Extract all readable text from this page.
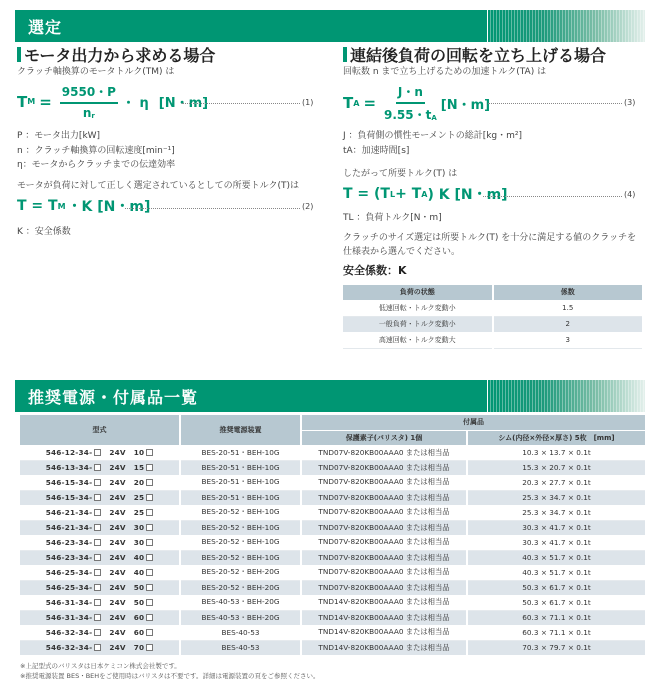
選定
モータ出力から求める場合
クラッチ軸換算のモータトルク(TM) は
T $M = \frac{9550・P}{n_r}$ ・ η [N・m]	(1)
P ：モータ出力[kW]
n ：クラッチ軸換算の回転速度[min⁻¹]
η：モータからクラッチまでの伝達効率
モータが負荷に対して正しく選定されているとしての所要トルク(T)は
T = T M ・K [N・m]	(2)
K ：安全係数
連結後負荷の回転を立ち上げる場合
回転数 n まで立ち上げるための加速トルク(TA) は
T $A = \frac{J・n}{9.55・t_A} [N$・m]	(3)
J ：負荷側の慣性モーメントの総計[kg・m²]
tA：加速時間[s]
したがって所要トルク(T) は
T = (T L + T A ) K [N・m]	(4)
TL ：負荷トルク[N・m]
クラッチのサイズ選定は所要トルク(T) を十分に満足する値のクラッチを
仕様表から選んでください。
安全係数：K
負荷の状態	係数
低速回転・トルク変動小	1.5
一般負荷・トルク変動小	2
高速回転・トルク変動大	3
推奨電源・付属品一覧
型式	推奨電源装置	付属品	
		保護素子(バリスタ) 1個	シム(内径×外径×厚さ) 5枚　[mm]
546-12-34- 24V 10	BES-20-51・BEH-10G	TND07V-820KB00AAA0 または相当品	10.3 × 13.7 × 0.1t
546-13-34- 24V 15	BES-20-51・BEH-10G	TND07V-820KB00AAA0 または相当品	15.3 × 20.7 × 0.1t
546-15-34- 24V 20	BES-20-51・BEH-10G	TND07V-820KB00AAA0 または相当品	20.3 × 27.7 × 0.1t
546-15-34- 24V 25	BES-20-51・BEH-10G	TND07V-820KB00AAA0 または相当品	25.3 × 34.7 × 0.1t
546-21-34- 24V 25	BES-20-52・BEH-10G	TND07V-820KB00AAA0 または相当品	25.3 × 34.7 × 0.1t
546-21-34- 24V 30	BES-20-52・BEH-10G	TND07V-820KB00AAA0 または相当品	30.3 × 41.7 × 0.1t
546-23-34- 24V 30	BES-20-52・BEH-10G	TND07V-820KB00AAA0 または相当品	30.3 × 41.7 × 0.1t
546-23-34- 24V 40	BES-20-52・BEH-10G	TND07V-820KB00AAA0 または相当品	40.3 × 51.7 × 0.1t
546-25-34- 24V 40	BES-20-52・BEH-20G	TND07V-820KB00AAA0 または相当品	40.3 × 51.7 × 0.1t
546-25-34- 24V 50	BES-20-52・BEH-20G	TND07V-820KB00AAA0 または相当品	50.3 × 61.7 × 0.1t
546-31-34- 24V 50	BES-40-53・BEH-20G	TND14V-820KB00AAA0 または相当品	50.3 × 61.7 × 0.1t
546-31-34- 24V 60	BES-40-53・BEH-20G	TND14V-820KB00AAA0 または相当品	60.3 × 71.1 × 0.1t
546-32-34- 24V 60	BES-40-53	TND14V-820KB00AAA0 または相当品	60.3 × 71.1 × 0.1t
546-32-34- 24V 70	BES-40-53	TND14V-820KB00AAA0 または相当品	70.3 × 79.7 × 0.1t
※上記型式のバリスタは日本ケミコン株式会社製です。
※推奨電源装置 BES・BEHをご使用時はバリスタは不要です。詳細は電源装置の頁をご参照ください。
